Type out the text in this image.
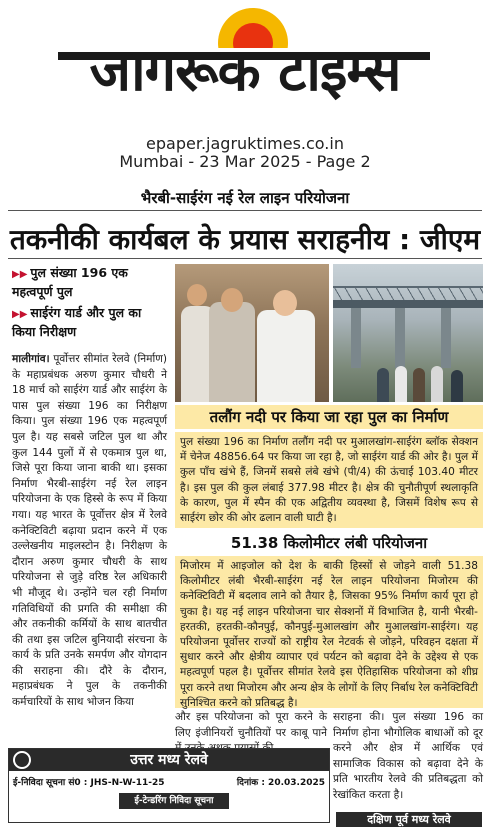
जागरूक टाइम्स
epaper.jagruktimes.co.in
Mumbai - 23 Mar 2025 - Page 2
भैरबी-साईरंग नई रेल लाइन परियोजना
तकनीकी कार्यबल के प्रयास सराहनीय : जीएम
▶▶ पुल संख्या 196 एक महत्वपूर्ण पुल
▶▶ साईरंग यार्ड और पुल का किया निरीक्षण
मालीगांव। पूर्वोत्तर सीमांत रेलवे (निर्माण) के महाप्रबंधक अरुण कुमार चौधरी ने 18 मार्च को साईरंग यार्ड और साईरंग के पास पुल संख्या 196 का निरीक्षण किया। पुल संख्या 196 एक महत्वपूर्ण पुल है। यह सबसे जटिल पुल था और कुल 144 पुलों में से एकमात्र पुल था, जिसे पूरा किया जाना बाकी था। इसका निर्माण भैरबी-साईरंग नई रेल लाइन परियोजना के एक हिस्से के रूप में किया गया। यह भारत के पूर्वोत्तर क्षेत्र में रेलवे कनेक्टिविटी बढ़ाया प्रदान करने में एक उल्लेखनीय माइलस्टोन है। निरीक्षण के दौरान अरुण कुमार चौधरी के साथ परियोजना से जुड़े वरिष्ठ रेल अधिकारी भी मौजूद थे। उन्होंने चल रही निर्माण गतिविधियों की प्रगति की समीक्षा की और तकनीकी कर्मियों के साथ बातचीत की तथा इस जटिल बुनियादी संरचना के कार्य के प्रति उनके समर्पण और योगदान की सराहना की। दौरे के दौरान, महाप्रबंधक ने पुल के तकनीकी कर्मचारियों के साथ भोजन किया
तलौंग नदी पर किया जा रहा पुल का निर्माण
पुल संख्या 196 का निर्माण तलौंग नदी पर मुआलखांग-साईरंग ब्लॉक सेक्शन में चेनेज 48856.64 पर किया जा रहा है, जो साईरंग यार्ड की ओर है। पुल में कुल पाँच खंभे हैं, जिनमें सबसे लंबे खंभे (पी/4) की ऊंचाई 103.40 मीटर है। इस पुल की कुल लंबाई 377.98 मीटर है। क्षेत्र की चुनौतीपूर्ण स्थलाकृति के कारण, पुल में स्पैन की एक अद्वितीय व्यवस्था है, जिसमें विशेष रूप से साईरंग छोर की ओर ढलान वाली घाटी है।
51.38 किलोमीटर लंबी परियोजना
मिजोरम में आइजोल को देश के बाकी हिस्सों से जोड़ने वाली 51.38 किलोमीटर लंबी भैरबी-साईरंग नई रेल लाइन परियोजना मिजोरम की कनेक्टिविटी में बदलाव लाने को तैयार है, जिसका 95% निर्माण कार्य पूरा हो चुका है। यह नई लाइन परियोजना चार सेक्शनों में विभाजित है, यानी भैरबी-हरतकी, हरतकी-कौनपुई, कौनपुई-मुआलखांग और मुआलखांग-साईरंग। यह परियोजना पूर्वोत्तर राज्यों को राष्ट्रीय रेल नेटवर्क से जोड़ने, परिवहन दक्षता में सुधार करने और क्षेत्रीय व्यापार एवं पर्यटन को बढ़ावा देने के उद्देश्य से एक महत्वपूर्ण पहल है। पूर्वोत्तर सीमांत रेलवे इस ऐतिहासिक परियोजना को शीघ्र पूरा करने तथा मिजोरम और अन्य क्षेत्र के लोगों के लिए निर्बाध रेल कनेक्टिविटी सुनिश्चित करने को प्रतिबद्ध है।
और इस परियोजना को पूरा करने के लिए इंजीनियरों चुनौतियों पर काबू पाने
सराहना की। पुल संख्या 196 का निर्माण होना भौगोलिक बाधाओं को दूर करने और क्षेत्र में आर्थिक एवं सामाजिक विकास को बढ़ावा देने के प्रति भारतीय रेलवे की प्रतिबद्धता को रेखांकित करता है।
उत्तर मध्य रेलवे
ई-निविदा सूचना सं0 : JHS-N-W-11-25	दिनांक : 20.03.2025
ई-टेन्डरिंग निविदा सूचना
दक्षिण पूर्व मध्य रेलवे
